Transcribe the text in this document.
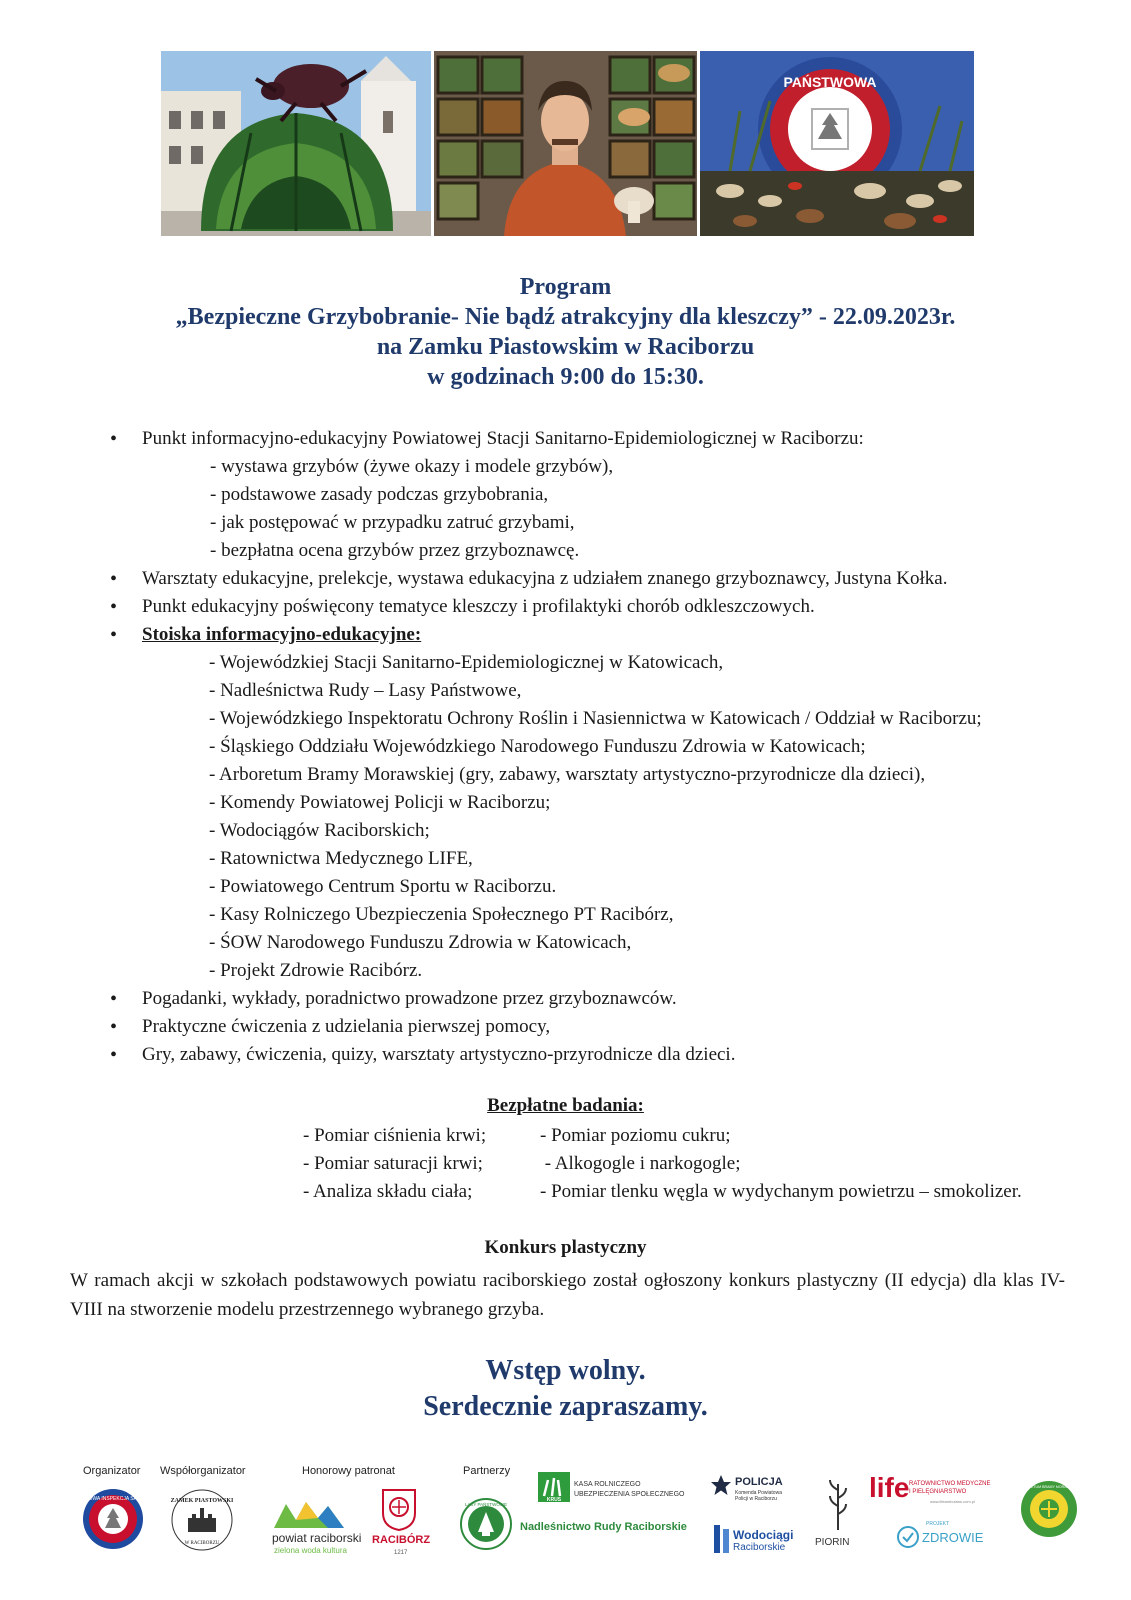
PAŃSTWOWA
Program
„Bezpieczne Grzybobranie- Nie bądź atrakcyjny dla kleszczy” - 22.09.2023r.
na Zamku Piastowskim w Raciborzu
w godzinach 9:00 do 15:30.
• Punkt informacyjno-edukacyjny Powiatowej Stacji Sanitarno-Epidemiologicznej w Raciborzu:
- wystawa grzybów (żywe okazy i modele grzybów),
- podstawowe zasady podczas grzybobrania,
- jak postępować w przypadku zatruć grzybami,
- bezpłatna ocena grzybów przez grzyboznawcę.
• Warsztaty edukacyjne, prelekcje, wystawa edukacyjna z udziałem znanego grzyboznawcy, Justyna Kołka.
• Punkt edukacyjny poświęcony tematyce kleszczy i profilaktyki chorób odkleszczowych.
• Stoiska informacyjno-edukacyjne:
- Wojewódzkiej Stacji Sanitarno-Epidemiologicznej w Katowicach,
- Nadleśnictwa Rudy – Lasy Państwowe,
- Wojewódzkiego Inspektoratu Ochrony Roślin i Nasiennictwa w Katowicach / Oddział w Raciborzu;
- Śląskiego Oddziału Wojewódzkiego Narodowego Funduszu Zdrowia w Katowicach;
- Arboretum Bramy Morawskiej (gry, zabawy, warsztaty artystyczno-przyrodnicze dla dzieci),
- Komendy Powiatowej Policji w Raciborzu;
- Wodociągów Raciborskich;
- Ratownictwa Medycznego LIFE,
- Powiatowego Centrum Sportu w Raciborzu.
- Kasy Rolniczego Ubezpieczenia Społecznego PT Racibórz,
- ŚOW Narodowego Funduszu Zdrowia w Katowicach,
- Projekt Zdrowie Racibórz.
• Pogadanki, wykłady, poradnictwo prowadzone przez grzyboznawców.
• Praktyczne ćwiczenia z udzielania pierwszej pomocy,
• Gry, zabawy, ćwiczenia, quizy, warsztaty artystyczno-przyrodnicze dla dzieci.
Bezpłatne badania:
- Pomiar ciśnienia krwi;	- Pomiar poziomu cukru;
- Pomiar saturacji krwi;	- Alkogogle i narkogogle;
- Analiza składu ciała;	- Pomiar tlenku węgla w wydychanym powietrzu – smokolizer.
Konkurs plastyczny
W ramach akcji w szkołach podstawowych powiatu raciborskiego został ogłoszony konkurs plastyczny (II edycja) dla klas IV-VIII na stworzenie modelu przestrzennego wybranego grzyba.
Wstęp wolny.
Serdecznie zapraszamy.
Organizator Współorganizator	Honorowy patronat	Partnerzy
PAŃSTWOWA INSPEKCJA SANITARNA ZAMEK PIASTOWSKI
W RACIBORZU	powiat raciborski
zielona woda kultura
RACIBÓRZ
1217
LASY PAŃSTWOWE
KRUS
KASA ROLNICZEGO
UBEZPIECZENIA SPOŁECZNEGO
Nadleśnictwo Rudy Raciborskie
POLICJA
Komenda Powiatowa
Policji w Raciborzu
Wodociągi
Raciborskie	PIORIN
life RATOWNICTWO MEDYCZNE
I PIELĘGNIARSTWO
www.lifeambulans.com.pl
PROJEKT
ZDROWIE
ARBORETUM BRAMY MORAWSKIEJ
